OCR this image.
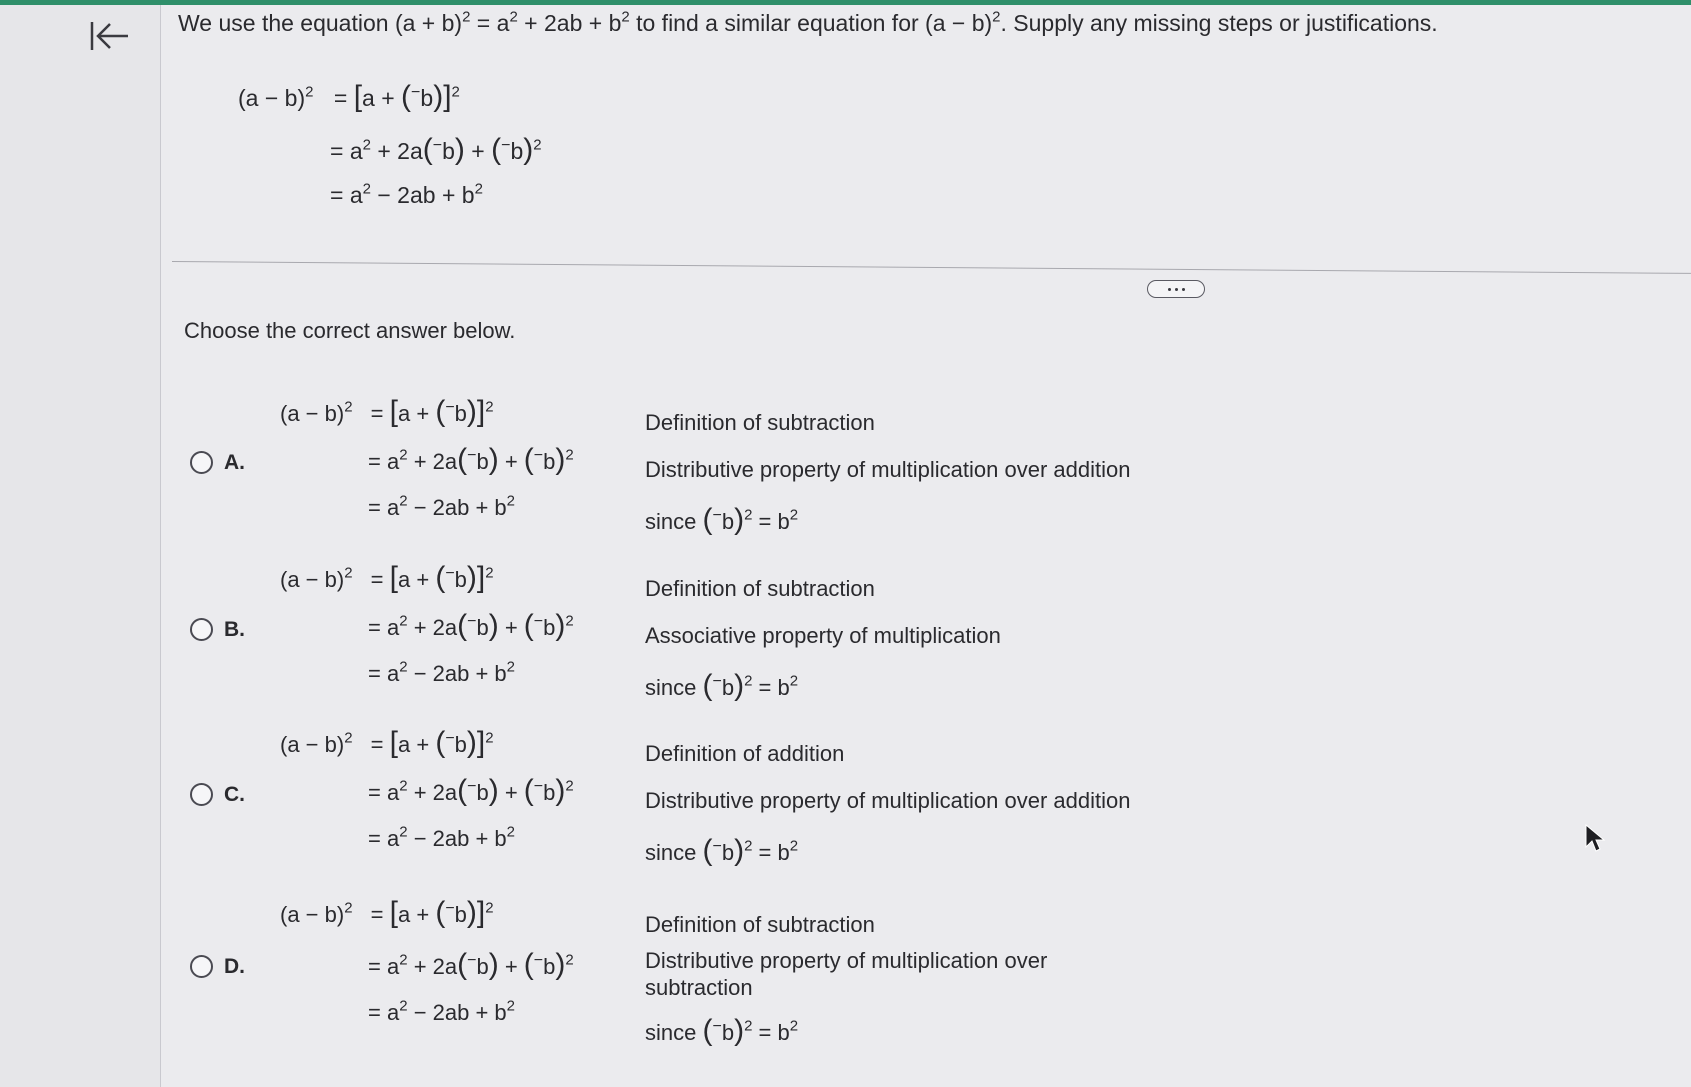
We use the equation $(a + b)^2 = a^2 + 2ab + b^2$ to find a similar equation for $(a - b)^2$. Supply any missing steps or justifications.
$(a - b)^2 = [a + (^-b)]^2$
= $a^2 + 2a(^-b) + (^-b)^2$
= $a^2 - 2ab + b^2$
Choose the correct answer below.
A.
$(a - b)^2 = [a + (^-b)]^2$
= $a^2 + 2a(^-b) + (^-b)^2$
= $a^2 - 2ab + b^2$
Definition of subtraction
Distributive property of multiplication over addition
since $(^-b)^2 = b^2$
B.
$(a - b)^2 = [a + (^-b)]^2$
= $a^2 + 2a(^-b) + (^-b)^2$
= $a^2 - 2ab + b^2$
Definition of subtraction
Associative property of multiplication
since $(^-b)^2 = b^2$
C.
$(a - b)^2 = [a + (^-b)]^2$
= $a^2 + 2a(^-b) + (^-b)^2$
= $a^2 - 2ab + b^2$
Definition of addition
Distributive property of multiplication over addition
since $(^-b)^2 = b^2$
D.
$(a - b)^2 = [a + (^-b)]^2$
= $a^2 + 2a(^-b) + (^-b)^2$
= $a^2 - 2ab + b^2$
Definition of subtraction
Distributive property of multiplication over
subtraction
since $(^-b)^2 = b^2$
